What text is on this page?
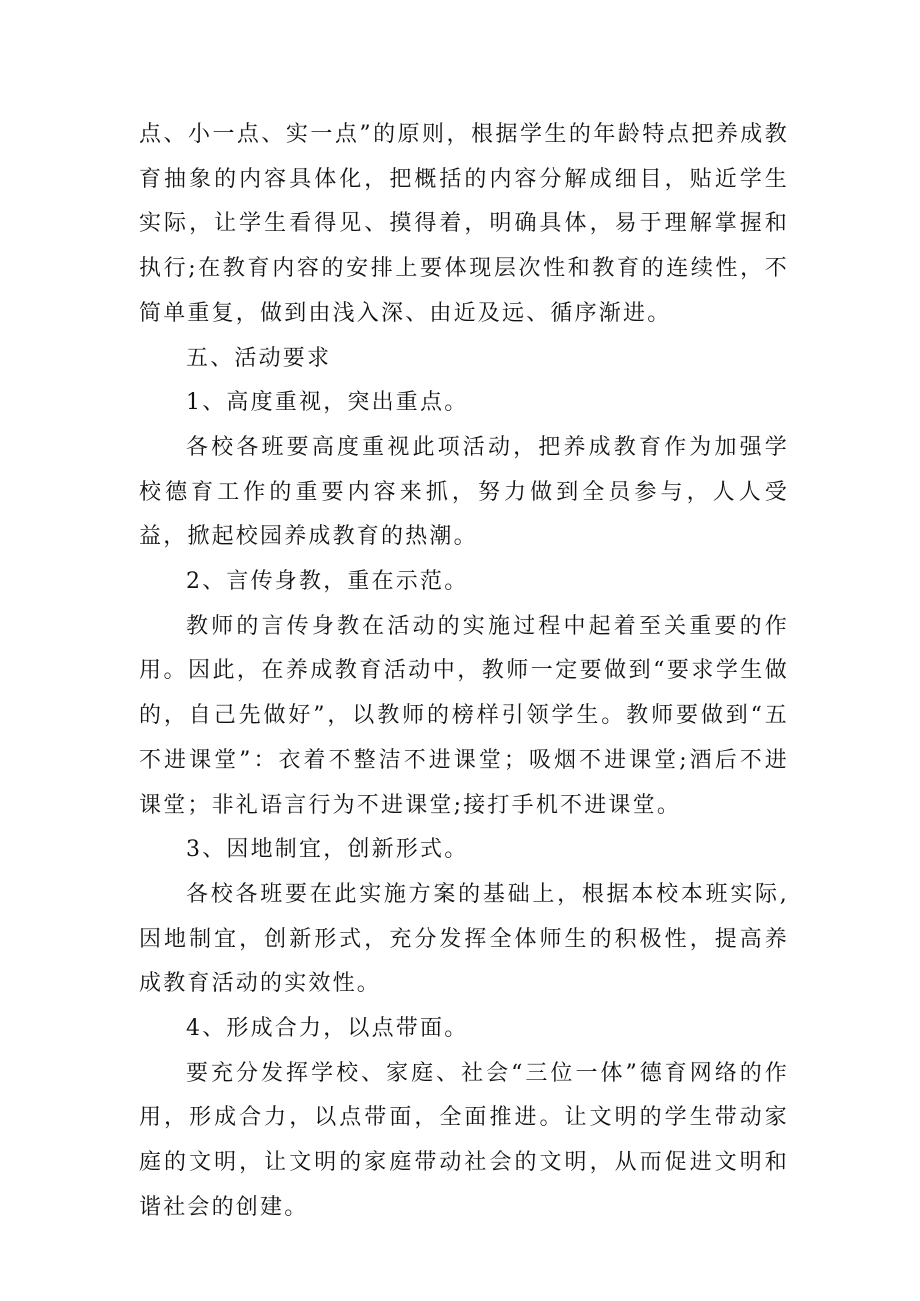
点、小一点、实一点”的原则，根据学生的年龄特点把养成教育抽象的内容具体化，把概括的内容分解成细目，贴近学生实际，让学生看得见、摸得着，明确具体，易于理解掌握和执行;在教育内容的安排上要体现层次性和教育的连续性，不简单重复，做到由浅入深、由近及远、循序渐进。

五、活动要求

1、高度重视，突出重点。

各校各班要高度重视此项活动，把养成教育作为加强学校德育工作的重要内容来抓，努力做到全员参与，人人受益，掀起校园养成教育的热潮。

2、言传身教，重在示范。

教师的言传身教在活动的实施过程中起着至关重要的作用。因此，在养成教育活动中，教师一定要做到“要求学生做的，自己先做好”，以教师的榜样引领学生。教师要做到“五不进课堂”：衣着不整洁不进课堂；吸烟不进课堂;酒后不进课堂；非礼语言行为不进课堂;接打手机不进课堂。

3、因地制宜，创新形式。

各校各班要在此实施方案的基础上，根据本校本班实际,因地制宜，创新形式，充分发挥全体师生的积极性，提高养成教育活动的实效性。

4、形成合力，以点带面。

要充分发挥学校、家庭、社会“三位一体”德育网络的作用，形成合力，以点带面，全面推进。让文明的学生带动家庭的文明，让文明的家庭带动社会的文明，从而促进文明和谐社会的创建。
